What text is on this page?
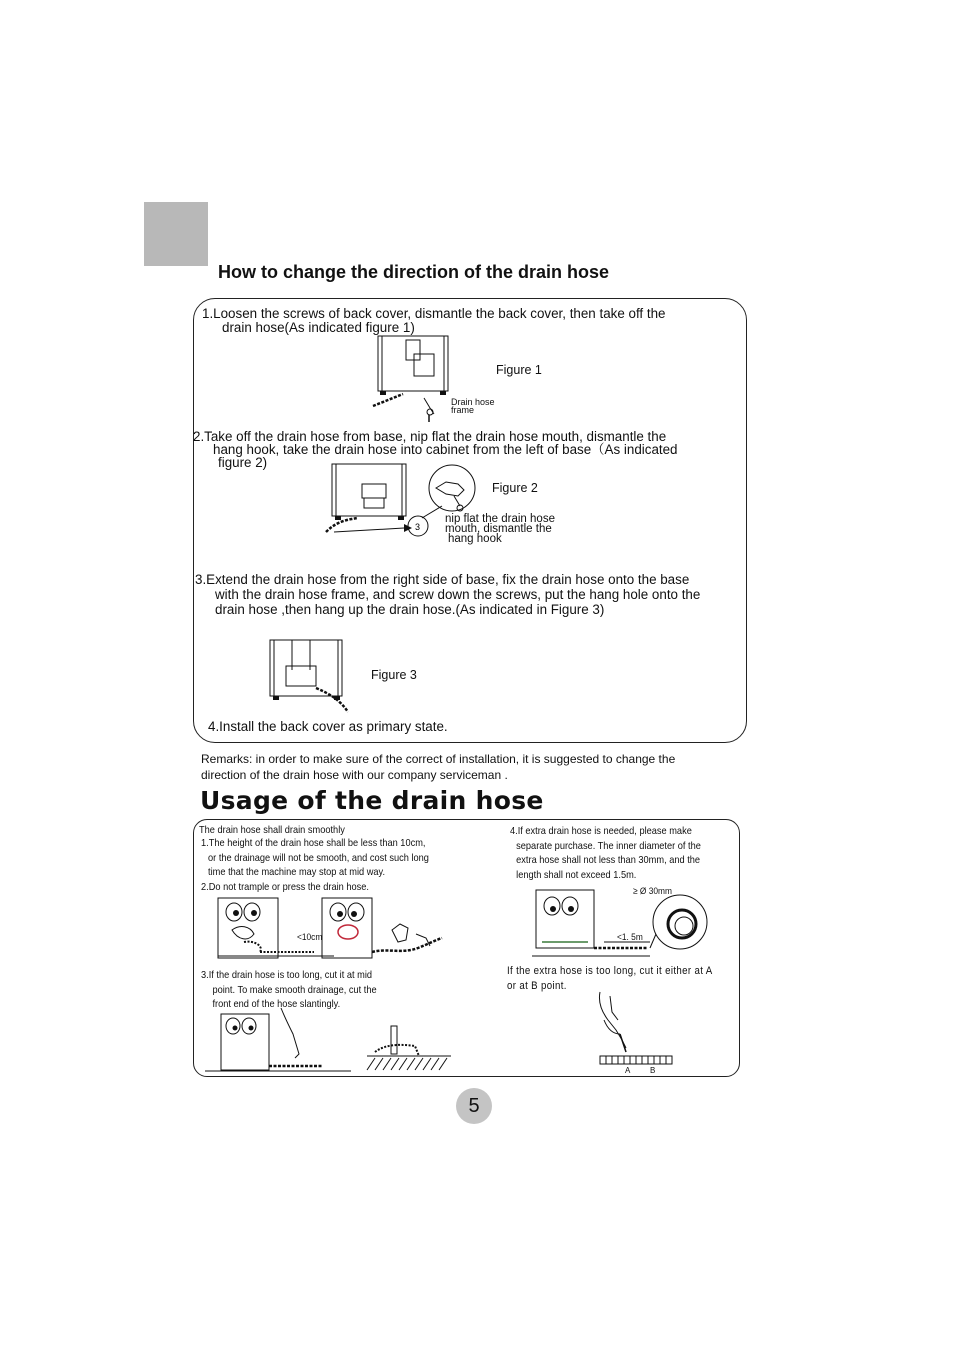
How to change the direction of the drain hose
1.Loosen the screws of back cover, dismantle the back cover, then take off the
drain hose(As indicated figure 1)
Figure 1
Drain hose
frame
2.Take off the drain hose from base, nip flat the drain hose mouth, dismantle the
hang hook, take the drain hose into cabinet from the left of base（As indicated
figure 2)
3
Figure 2
nip flat the drain hose
mouth, dismantle the
hang hook
3.Extend the drain hose from the right side of base, fix the drain hose onto the base
with the drain hose frame, and screw down the screws, put the hang hole onto the
drain hose ,then hang up the drain hose.(As indicated in Figure 3)
Figure 3
4.Install the back cover as primary state.
Remarks: in order to make sure of the correct of installation, it is suggested to change the
direction of the drain hose with our company serviceman .
Usage of the drain hose
The drain hose shall drain smoothly
1.The height of the drain hose shall be less than 10cm,
or the drainage will not be smooth, and cost such long
time that the machine may stop at mid way.
2.Do not trample or press the drain hose.
<10cm
3.If the drain hose is too long, cut it at mid
point. To make smooth drainage, cut the
front end of the hose slantingly.
4.If extra drain hose is needed, please make
separate purchase. The inner diameter of the
extra hose shall not less than 30mm, and the
length shall not exceed 1.5m.
≥ Ø 30mm
<1. 5m
If the extra hose is too long, cut it either at A
or at B point.
A B
5
